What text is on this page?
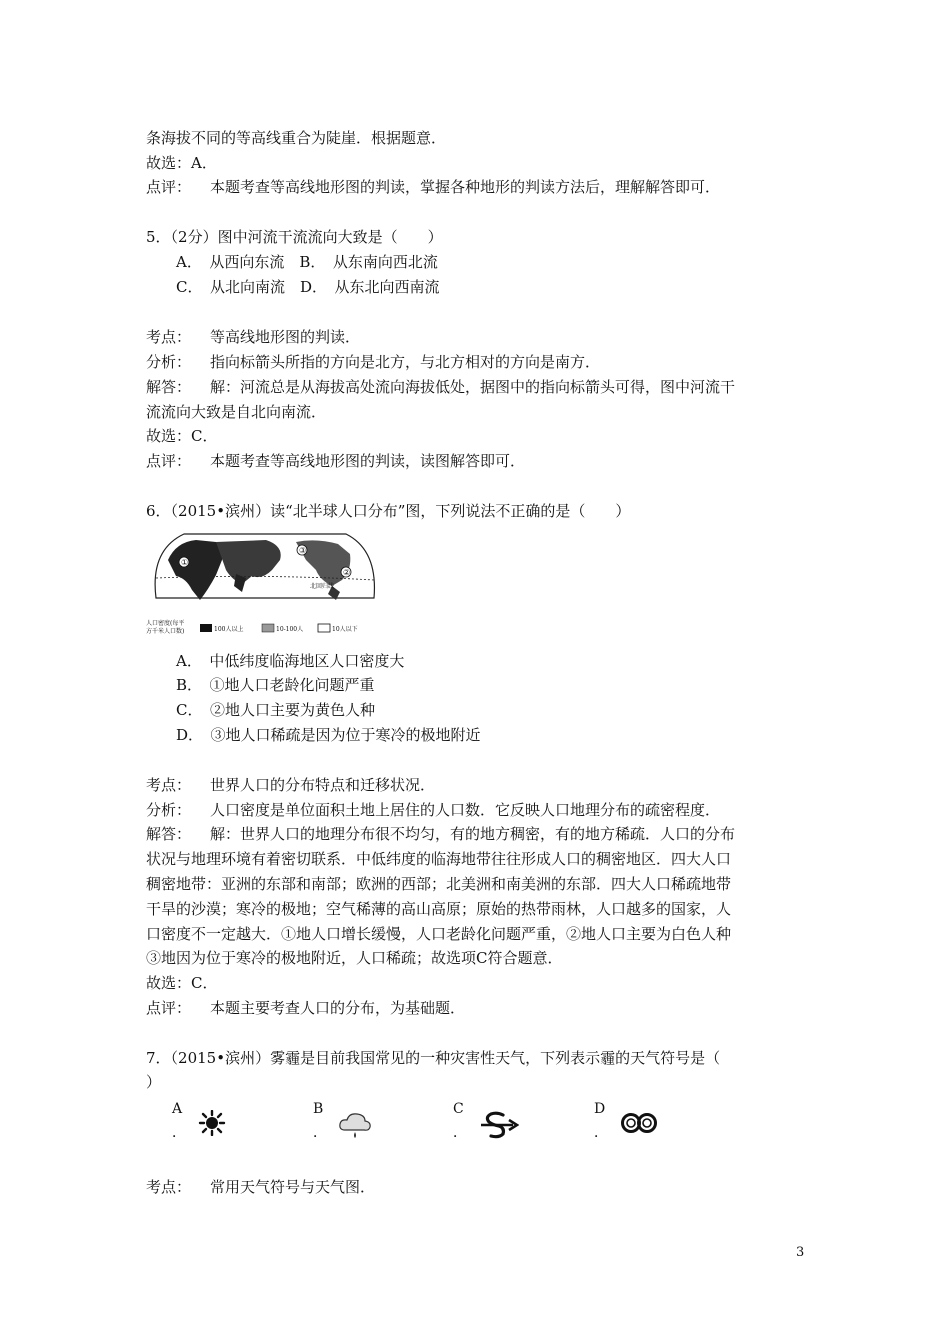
条海拔不同的等高线重合为陡崖．根据题意．
故选：A．
点评： 本题考查等高线地形图的判读，掌握各种地形的判读方法后，理解解答即可．
5．（2分）图中河流干流流向大致是（　　）
A．　从西向东流　B．　从东南向西北流
C．　从北向南流　D．　从东北向西南流
考点： 等高线地形图的判读．
分析： 指向标箭头所指的方向是北方，与北方相对的方向是南方．
解答： 解：河流总是从海拔高处流向海拔低处，据图中的指向标箭头可得，图中河流干
流流向大致是自北向南流．
故选：C．
点评： 本题考查等高线地形图的判读，读图解答即可．
6．（2015•滨州）读“北半球人口分布”图，下列说法不正确的是（　　）
①
③
②
北回归线
人口密度(每平
方千米人口数)	100人以上	10-100人	10人以下
A．　中低纬度临海地区人口密度大
B．　①地人口老龄化问题严重
C．　②地人口主要为黄色人种
D．　③地人口稀疏是因为位于寒冷的极地附近
考点： 世界人口的分布特点和迁移状况．
分析： 人口密度是单位面积土地上居住的人口数．它反映人口地理分布的疏密程度．
解答： 解：世界人口的地理分布很不均匀，有的地方稠密，有的地方稀疏．人口的分布
状况与地理环境有着密切联系．中低纬度的临海地带往往形成人口的稠密地区．四大人口
稠密地带：亚洲的东部和南部；欧洲的西部；北美洲和南美洲的东部．四大人口稀疏地带
干旱的沙漠；寒冷的极地；空气稀薄的高山高原；原始的热带雨林，人口越多的国家，人
口密度不一定越大．①地人口增长缓慢，人口老龄化问题严重，②地人口主要为白色人种
③地因为位于寒冷的极地附近，人口稀疏；故选项C符合题意．
故选：C．
点评： 本题主要考查人口的分布，为基础题．
7．（2015•滨州）雾霾是目前我国常见的一种灾害性天气，下列表示霾的天气符号是（
）
A
．
B
．
C
．
D
．
考点： 常用天气符号与天气图．
3
